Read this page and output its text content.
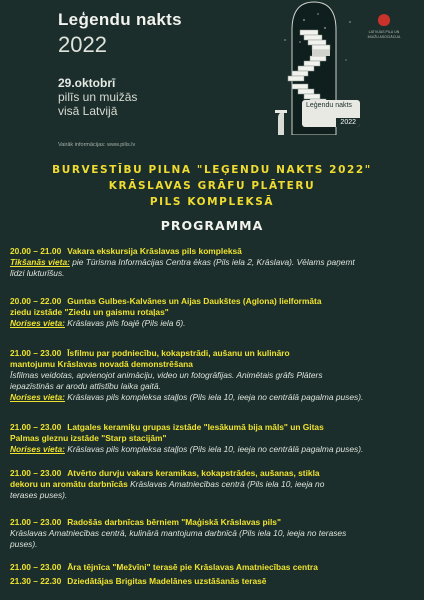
Leģendu nakts
2022
29.oktobrī
pilīs un muižās
visā Latvijā
Vairāk informācijas: www.pilis.lv
Leģendu nakts
2022
LATVIJAS PIĻU UN MUIŽU ASOCIĀCIJA
BURVESTĪBU PILNA "LEĢENDU NAKTS 2022"
KRĀSLAVAS GRĀFU PLĀTERU
PILS KOMPLEKSĀ
PROGRAMMA
20.00 – 21.00 Vakara ekskursija Krāslavas pils kompleksā
Tikšanās vieta: pie Tūrisma Informācijas Centra ēkas (Pils iela 2, Krāslava). Vēlams paņemt
līdzi lukturīšus.
20.00 – 22.00 Guntas Gulbes-Kalvānes un Aijas Daukštes (Aglona) lielformāta
ziedu izstāde "Ziedu un gaismu rotaļas"
Norises vieta: Krāslavas pils foajē (Pils iela 6).
21.00 – 23.00 Īsfilmu par podniecību, kokapstrādi, aušanu un kulināro
mantojumu Krāslavas novadā demonstrēšana
Īsfilmas veidotas, apvienojot animāciju, video un fotogrāfijas. Animētais grāfs Plāters
iepazīstinās ar arodu attīstību laika gaitā.
Norises vieta: Krāslavas pils kompleksa staļļos (Pils iela 10, ieeja no centrālā pagalma puses).
21.00 – 23.00 Latgales keramiķu grupas izstāde "Iesākumā bija māls" un Gitas
Palmas gleznu izstāde "Starp stacijām"
Norises vieta: Krāslavas pils kompleksa staļļos (Pils iela 10, ieeja no centrālā pagalma puses).
21.00 – 23.00 Atvērto durvju vakars keramikas, kokapstrādes, aušanas, stikla
dekoru un aromātu darbnīcās Krāslavas Amatniecības centrā (Pils iela 10, ieeja no
terases puses).
21.00 – 23.00 Radošās darbnīcas bērniem "Maģiskā Krāslavas pils"
Krāslavas Amatniecības centrā, kulinārā mantojuma darbnīcā (Pils iela 10, ieeja no terases
puses).
21.00 – 23.00 Āra tējnīca "Mežvīni" terasē pie Krāslavas Amatniecības centra
21.30 – 22.30 Dziedātājas Brigitas Madelānes uzstāšanās terasē
